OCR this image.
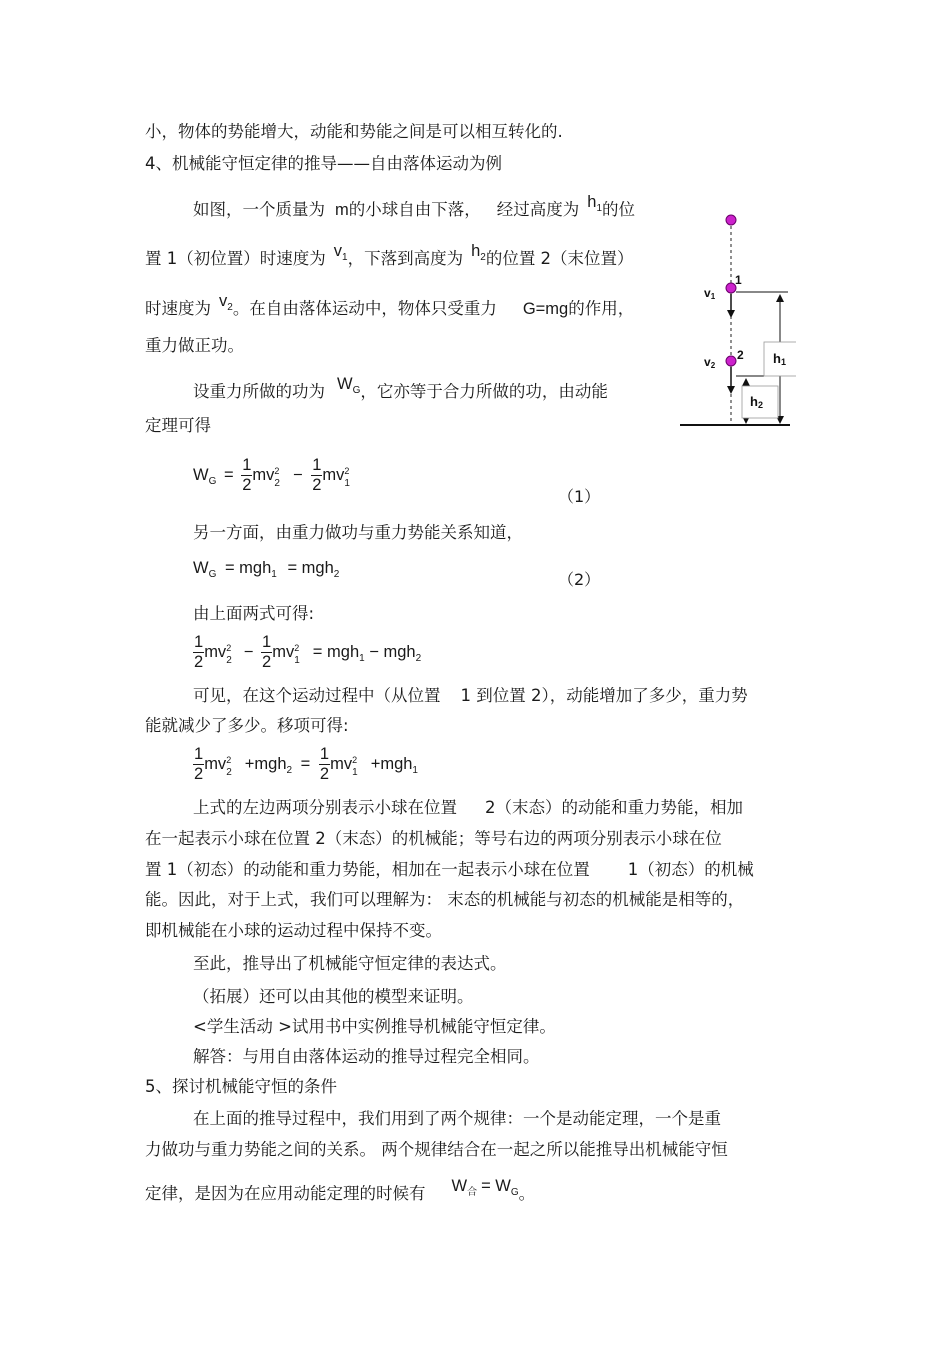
小，物体的势能增大，动能和势能之间是可以相互转化的.
4、机械能守恒定律的推导——自由落体运动为例
如图，一个质量为 m的小球自由下落， 经过高度为 $h_1$的位
置 1（初位置）时速度为 $v_1$，下落到高度为 $h_2$的位置 2（末位置）
时速度为 $v_2$。在自由落体运动中，物体只受重力 G=mg的作用，
重力做正功。
设重力所做的功为 $W_G$，它亦等于合力所做的功，由动能
定理可得
$W_G = \frac{1}{2}$ mv 2
$2 - \frac{1}{2}$ mv 2
1
（1）
另一方面，由重力做功与重力势能关系知道，
$W_G = mgh_1 = mgh_2$	（2）
由上面两式可得:
$\frac{1}{2}$ mv 2
$2 - \frac{1}{2}$ mv 2
1 = mgh$_1$ − mgh$_2$
可见，在这个运动过程中（从位置 1 到位置 2），动能增加了多少，重力势
能就减少了多少。移项可得:
$\frac{1}{2}$ mv 2
$2 +mgh_2 = \frac{1}{2}$ mv 2
1 +mgh$_1$
上式的左边两项分别表示小球在位置 2（末态）的动能和重力势能，相加
在一起表示小球在位置 2（末态）的机械能；等号右边的两项分别表示小球在位
置 1（初态）的动能和重力势能，相加在一起表示小球在位置 1（初态）的机械
能。因此，对于上式，我们可以理解为： 末态的机械能与初态的机械能是相等的，
即机械能在小球的运动过程中保持不变。
至此，推导出了机械能守恒定律的表达式。
（拓展）还可以由其他的模型来证明。
<学生活动 >试用书中实例推导机械能守恒定律。
解答：与用自由落体运动的推导过程完全相同。
5、探讨机械能守恒的条件
在上面的推导过程中，我们用到了两个规律：一个是动能定理，一个是重
力做功与重力势能之间的关系。 两个规律结合在一起之所以能推导出机械能守恒
定律，是因为在应用动能定理的时候有 $W_合 = W_G$。
1
v1
2
v2	h1
h2
